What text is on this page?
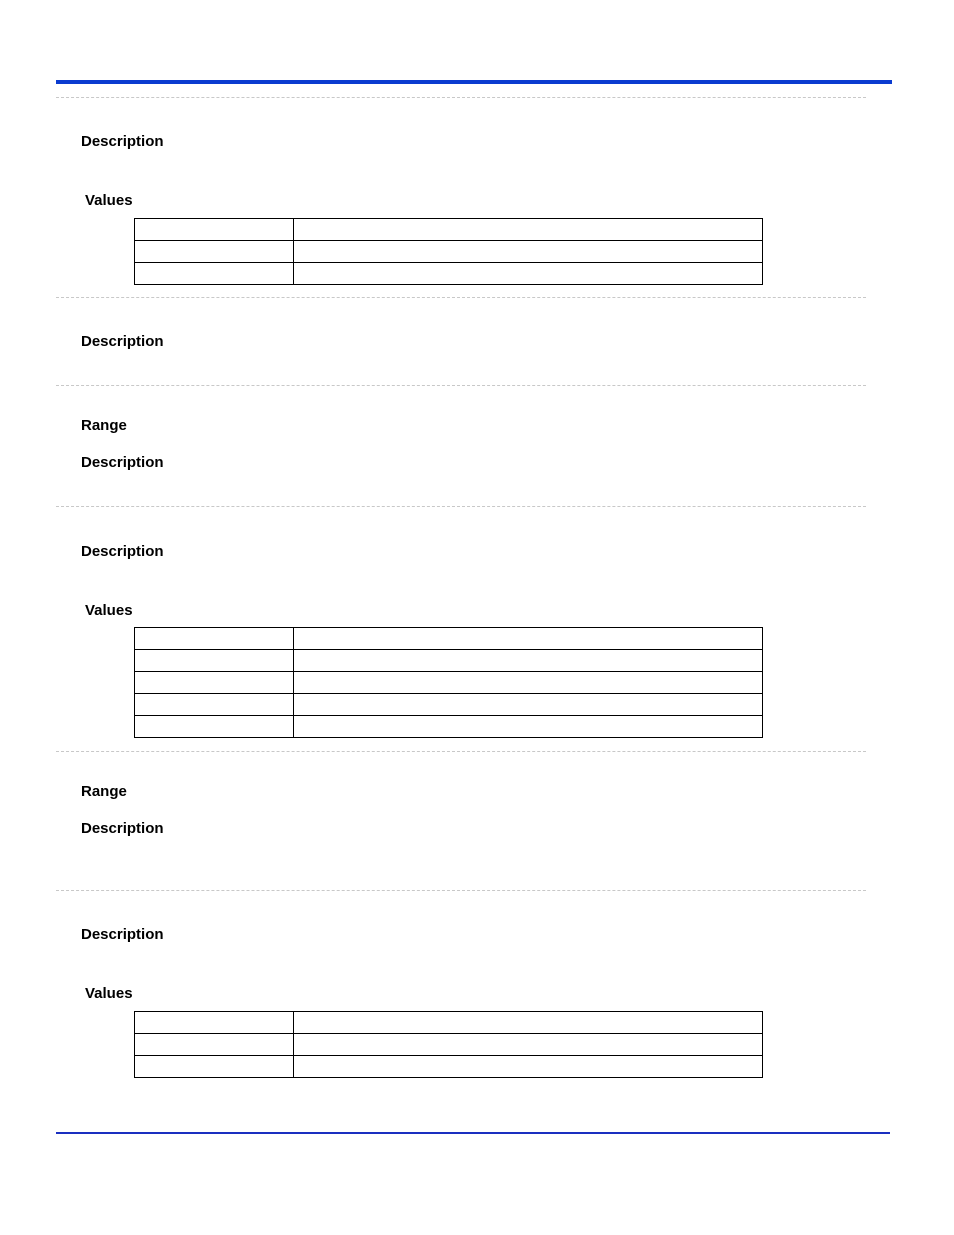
Description
Values

Description
Range
Description
Description
Values

Range
Description
Description
Values
